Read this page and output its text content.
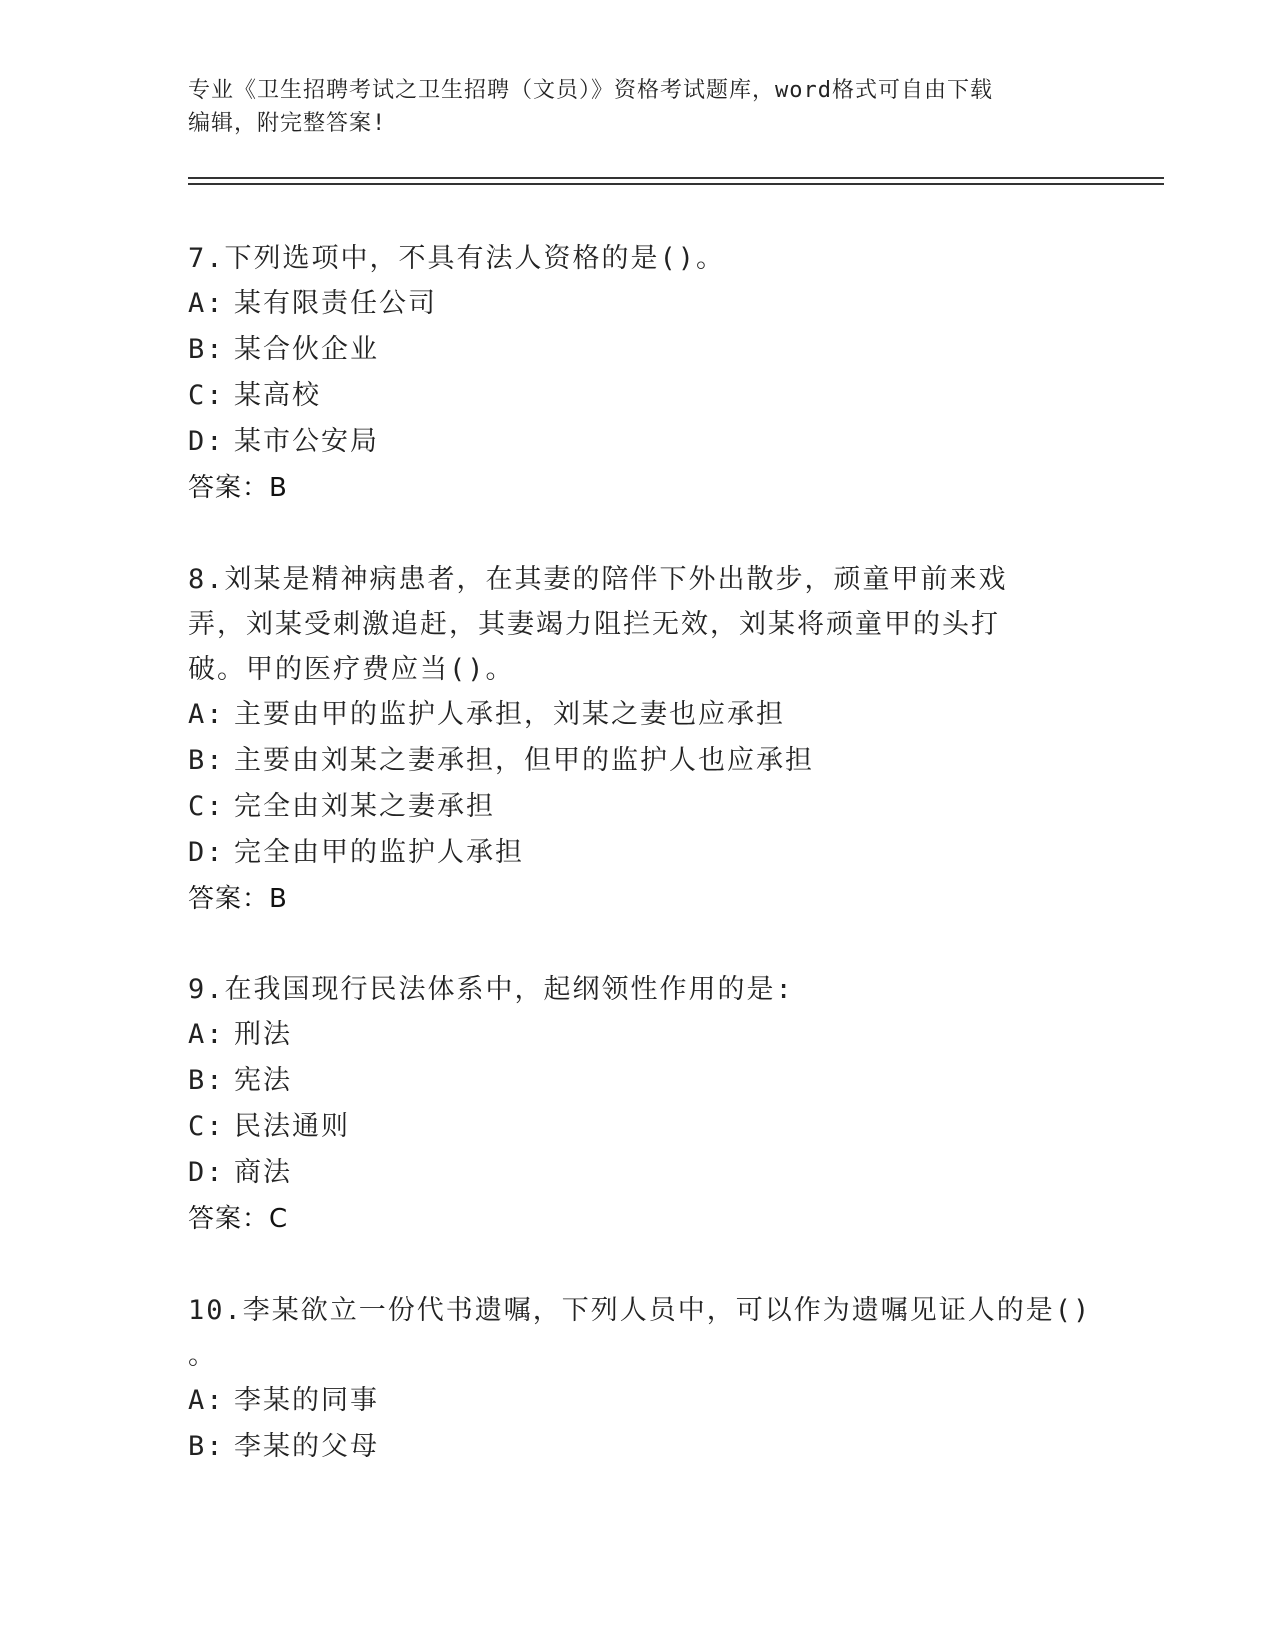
专业《卫生招聘考试之卫生招聘（文员）》资格考试题库，word格式可自由下载
编辑，附完整答案!

7.下列选项中，不具有法人资格的是()。

A: 某有限责任公司
B: 某合伙企业
C: 某高校
D: 某市公安局
答案：B

8.刘某是精神病患者，在其妻的陪伴下外出散步，顽童甲前来戏弄，刘某受刺激追赶，其妻竭力阻拦无效，刘某将顽童甲的头打破。甲的医疗费应当()。

A: 主要由甲的监护人承担，刘某之妻也应承担
B: 主要由刘某之妻承担，但甲的监护人也应承担
C: 完全由刘某之妻承担
D: 完全由甲的监护人承担
答案：B

9.在我国现行民法体系中，起纲领性作用的是:

A: 刑法
B: 宪法
C: 民法通则
D: 商法
答案：C

10.李某欲立一份代书遗嘱，下列人员中，可以作为遗嘱见证人的是()

。

A: 李某的同事
B: 李某的父母
